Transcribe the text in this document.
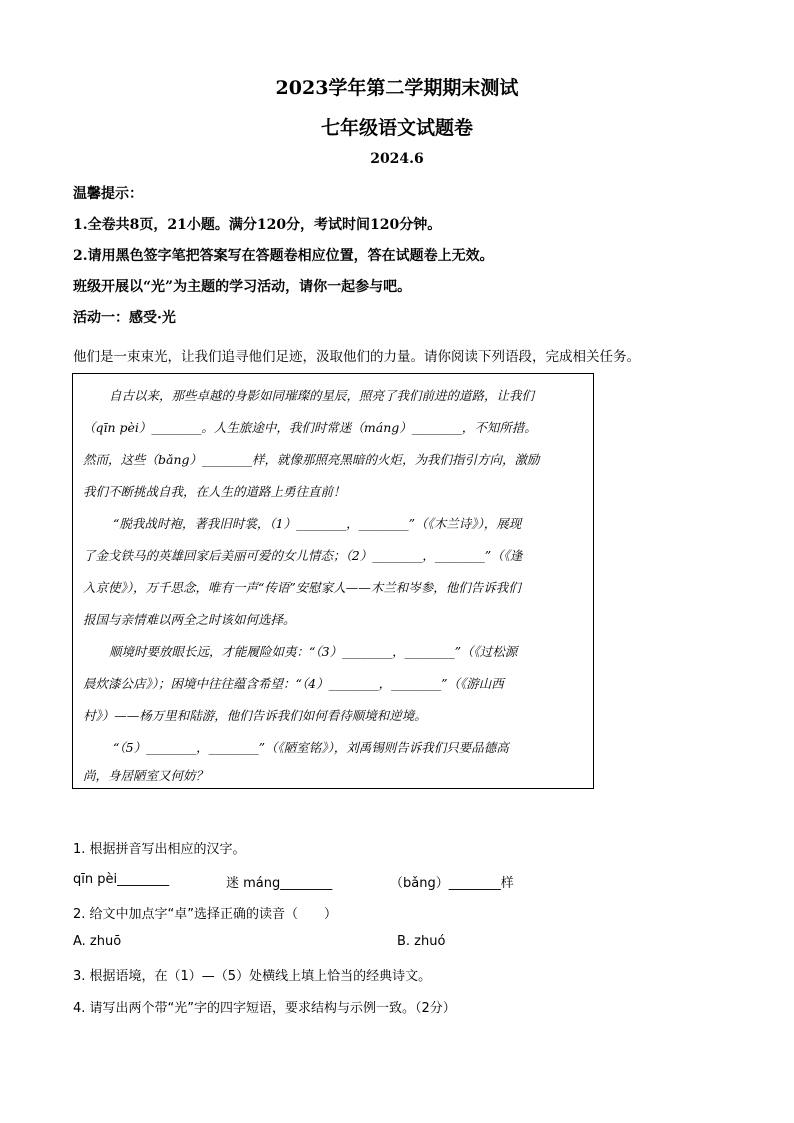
2023学年第二学期期末测试
七年级语文试题卷
2024.6
温馨提示：
1.全卷共8页，21小题。满分120分，考试时间120分钟。
2.请用黑色签字笔把答案写在答题卷相应位置，答在试题卷上无效。
班级开展以“光”为主题的学习活动，请你一起参与吧。
活动一：感受·光
他们是一束束光，让我们追寻他们足迹，汲取他们的力量。请你阅读下列语段，完成相关任务。
自古以来，那些卓越的身影如同璀璨的星辰，照亮了我们前进的道路，让我们
（qīn pèi）________。人生旅途中，我们时常迷（máng）________，不知所措。
然而，这些（bǎng）________样，就像那照亮黑暗的火炬，为我们指引方向，激励
我们不断挑战自我，在人生的道路上勇往直前！
“脱我战时袍，著我旧时裳，（1）________，________”（《木兰诗》），展现
了金戈铁马的英雄回家后美丽可爱的女儿情态；（2）________，________”（《逢
入京使》），万千思念，唯有一声“传语”安慰家人——木兰和岑参，他们告诉我们
报国与亲情难以两全之时该如何选择。
顺境时要放眼长远，才能履险如夷：“（3）________，________”（《过松源
晨炊漆公店》）；困境中往往蕴含希望：“（4）________，________”（《游山西
村》）——杨万里和陆游，他们告诉我们如何看待顺境和逆境。
“（5）________，________”（《陋室铭》），刘禹锡则告诉我们只要品德高
尚，身居陋室又何妨？
1. 根据拼音写出相应的汉字。
qīn pèi________	迷 máng________	（bǎng）________样
2. 给文中加点字“卓”选择正确的读音（　　）
A. zhuō	B. zhuó
3. 根据语境，在（1）—（5）处横线上填上恰当的经典诗文。
4. 请写出两个带“光”字的四字短语，要求结构与示例一致。（2分）
